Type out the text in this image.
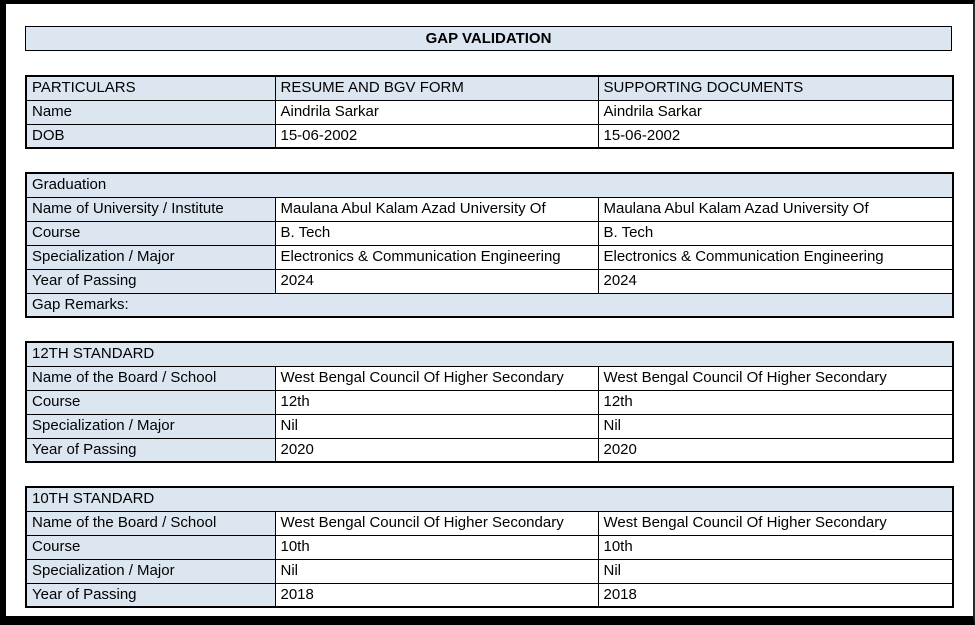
GAP VALIDATION
PARTICULARS	RESUME AND BGV FORM	SUPPORTING DOCUMENTS
Name	Aindrila Sarkar	Aindrila Sarkar
DOB	15-06-2002	15-06-2002
Graduation		
Name of University / Institute	Maulana Abul Kalam Azad University Of	Maulana Abul Kalam Azad University Of
Course	B. Tech	B. Tech
Specialization / Major	Electronics & Communication Engineering	Electronics & Communication Engineering
Year of Passing	2024	2024
Gap Remarks:		
12TH STANDARD		
Name of the Board / School	West Bengal Council Of Higher Secondary	West Bengal Council Of Higher Secondary
Course	12th	12th
Specialization / Major	Nil	Nil
Year of Passing	2020	2020
10TH STANDARD		
Name of the Board / School	West Bengal Council Of Higher Secondary	West Bengal Council Of Higher Secondary
Course	10th	10th
Specialization / Major	Nil	Nil
Year of Passing	2018	2018
